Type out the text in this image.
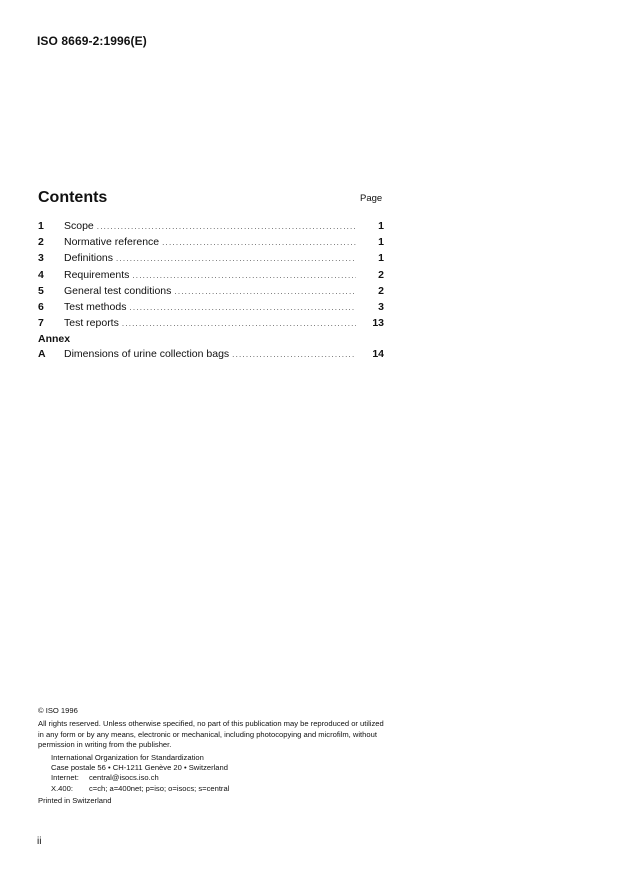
ISO 8669-2:1996(E)
Contents	Page
1	Scope .....	1
2	Normative reference .....	1
3	Definitions .....	1
4	Requirements .....	2
5	General test conditions .....	2
6	Test methods .....	3
7	Test reports .....	13
Annex
A	Dimensions of urine collection bags .....	14
© ISO 1996
All rights reserved. Unless otherwise specified, no part of this publication may be reproduced or utilized in any form or by any means, electronic or mechanical, including photocopying and microfilm, without permission in writing from the publisher.
International Organization for Standardization
Case postale 56 • CH-1211 Genève 20 • Switzerland
Internet:	central@isocs.iso.ch
X.400:	c=ch; a=400net; p=iso; o=isocs; s=central
Printed in Switzerland
ii
